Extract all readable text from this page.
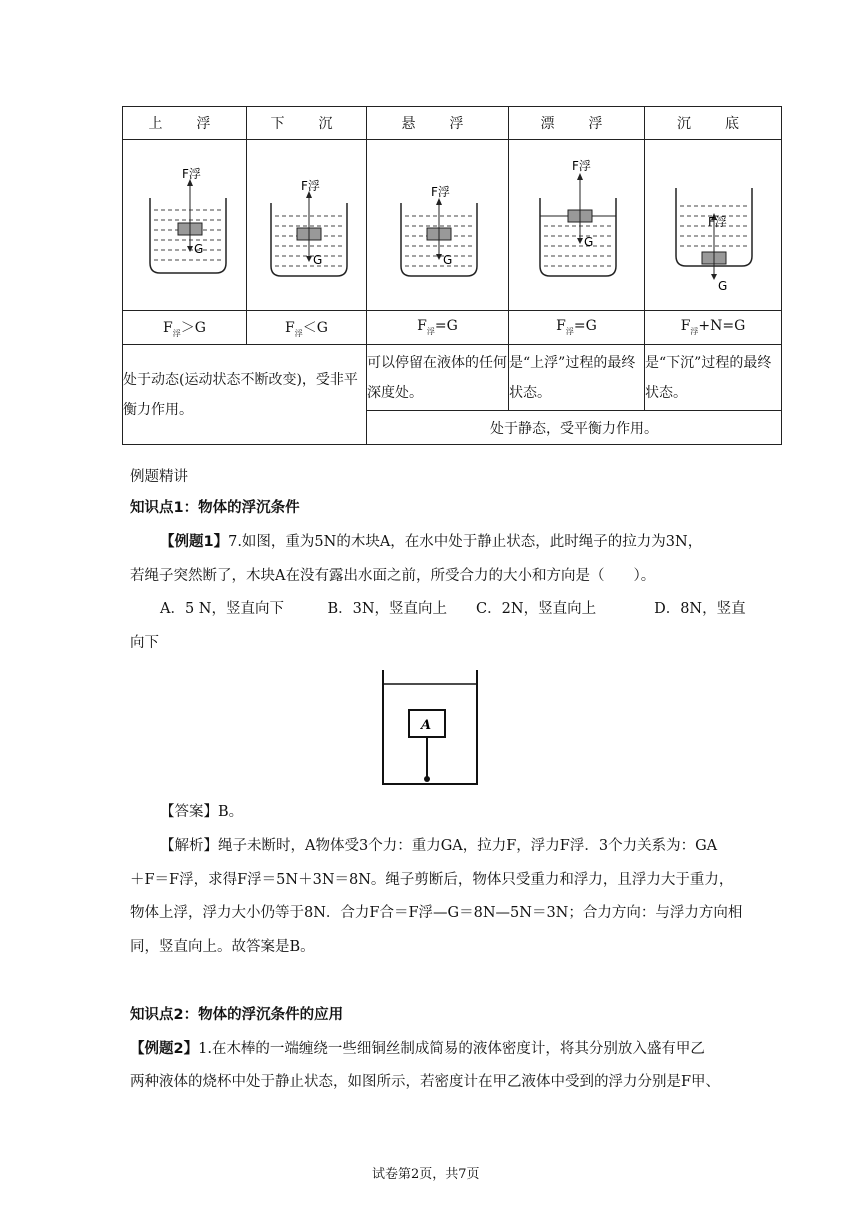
上　浮	下　沉	悬　浮	漂　浮	沉　底

F浮
G	F浮
G	F浮
G	F浮
G	F浮
G

$F_浮>G$	$F_浮<G$	$F_浮=G$	$F_浮=G$	$F_浮+N=G$
处于动态(运动状态不断改变)，受非平衡力作用。		可以停留在液体的任何深度处。	是“上浮”过程的最终状态。	是“下沉”过程的最终状态。
		处于静态，受平衡力作用。		
例题精讲
知识点1：物体的浮沉条件
【例题1】7.如图，重为5N的木块A，在水中处于静止状态，此时绳子的拉力为3N，
若绳子突然断了，木块A在没有露出水面之前，所受合力的大小和方向是（　　）。
A．5 N，竖直向下　　　B．3N，竖直向上　　C．2N，竖直向上　　　　D．8N，竖直
向下
A
【答案】B。
【解析】绳子未断时，A物体受3个力：重力GA，拉力F，浮力F浮．3个力关系为：GA
＋F＝F浮，求得F浮＝5N＋3N＝8N。绳子剪断后，物体只受重力和浮力，且浮力大于重力，
物体上浮，浮力大小仍等于8N．合力F合＝F浮—G＝8N—5N＝3N；合力方向：与浮力方向相
同，竖直向上。故答案是B。
知识点2：物体的浮沉条件的应用
【例题2】1.在木棒的一端缠绕一些细铜丝制成简易的液体密度计，将其分别放入盛有甲乙
两种液体的烧杯中处于静止状态，如图所示，若密度计在甲乙液体中受到的浮力分别是F甲、
试卷第2页，共7页
